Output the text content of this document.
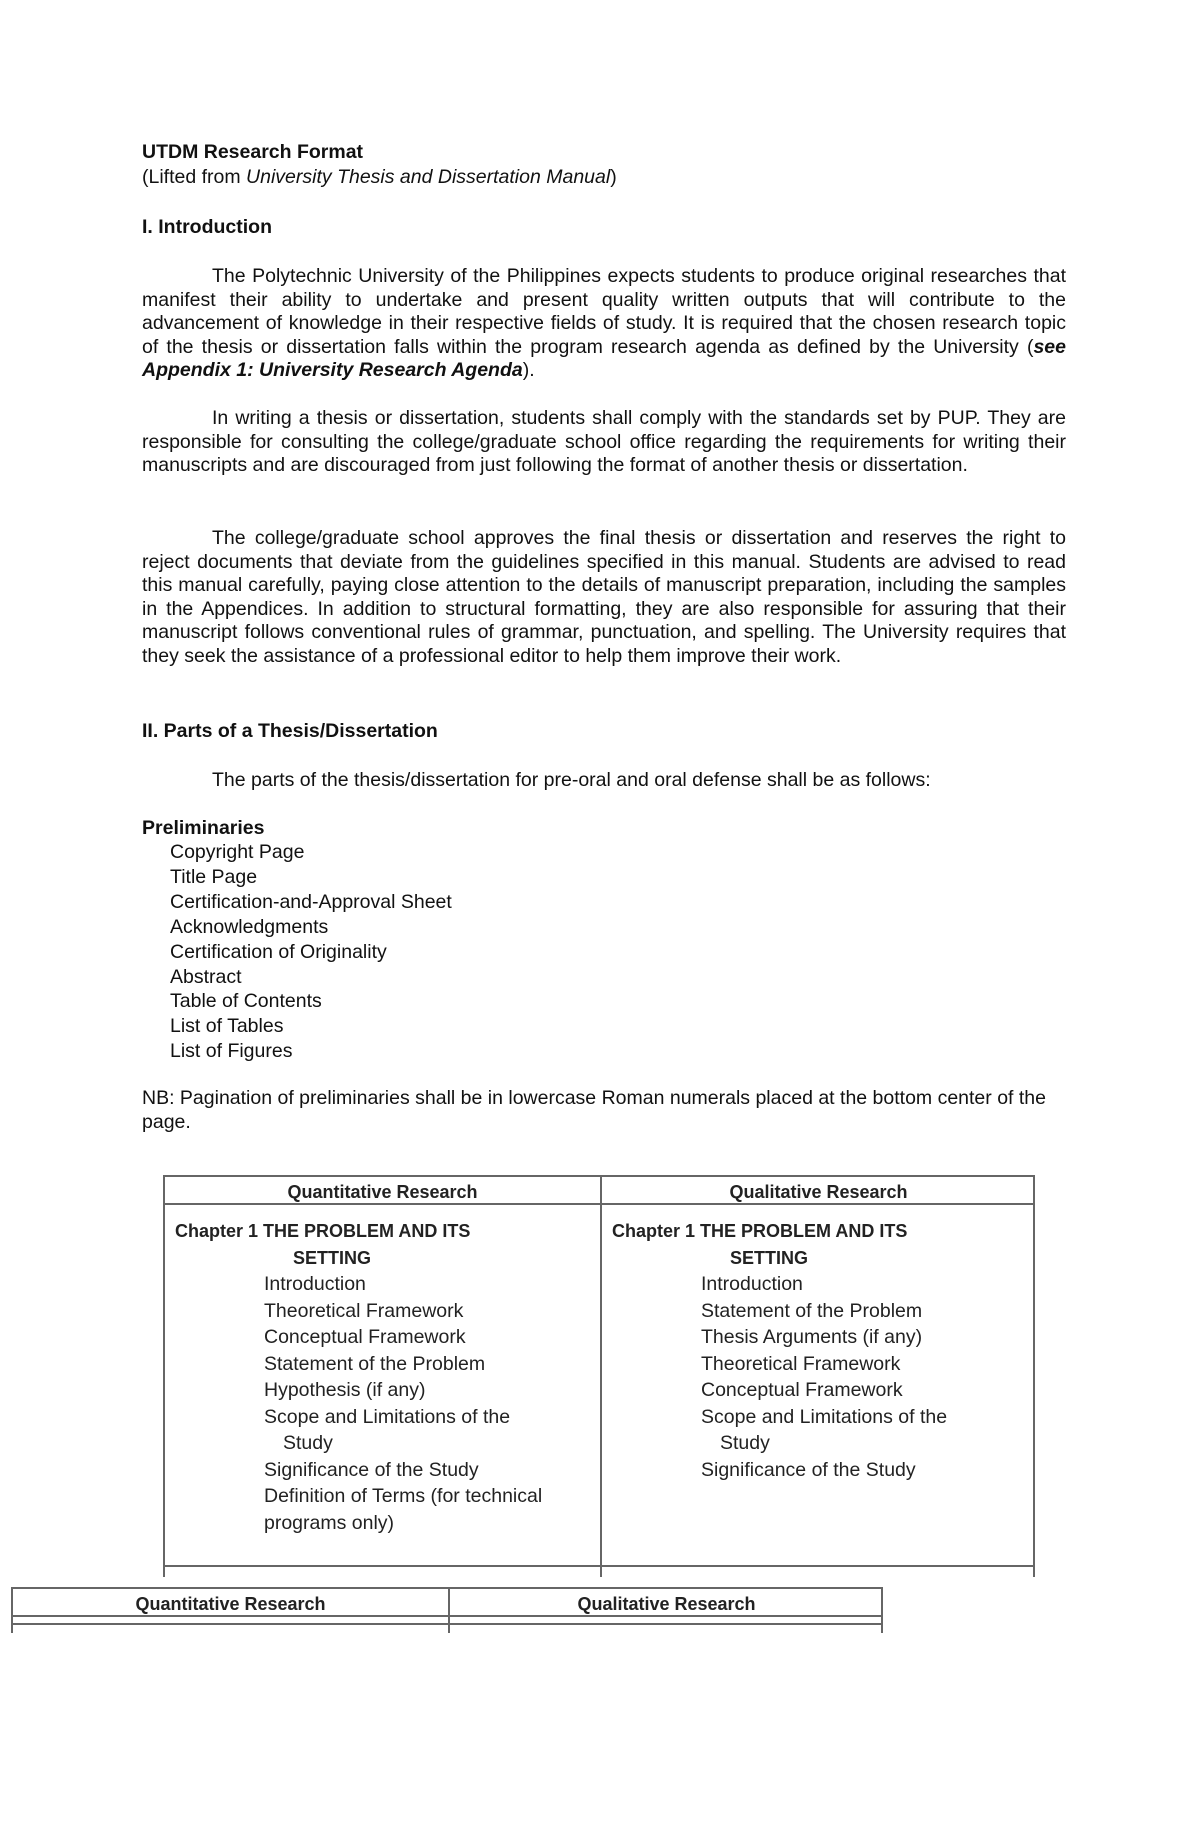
UTDM Research Format

(Lifted from University Thesis and Dissertation Manual)

I. Introduction

The Polytechnic University of the Philippines expects students to produce original researches that manifest their ability to undertake and present quality written outputs that will contribute to the advancement of knowledge in their respective fields of study. It is required that the chosen research topic of the thesis or dissertation falls within the program research agenda as defined by the University (see Appendix 1: University Research Agenda).

In writing a thesis or dissertation, students shall comply with the standards set by PUP. They are responsible for consulting the college/graduate school office regarding the requirements for writing their manuscripts and are discouraged from just following the format of another thesis or dissertation.

The college/graduate school approves the final thesis or dissertation and reserves the right to reject documents that deviate from the guidelines specified in this manual. Students are advised to read this manual carefully, paying close attention to the details of manuscript preparation, including the samples in the Appendices. In addition to structural formatting, they are also responsible for assuring that their manuscript follows conventional rules of grammar, punctuation, and spelling. The University requires that they seek the assistance of a professional editor to help them improve their work.

II. Parts of a Thesis/Dissertation

The parts of the thesis/dissertation for pre-oral and oral defense shall be as follows:

Preliminaries

Copyright Page
Title Page
Certification-and-Approval Sheet
Acknowledgments
Certification of Originality
Abstract
Table of Contents
List of Tables
List of Figures

NB: Pagination of preliminaries shall be in lowercase Roman numerals placed at the bottom center of the page.

Quantitative Research
Chapter 1 THE PROBLEM AND ITS
SETTING
Introduction
Theoretical Framework
Conceptual Framework
Statement of the Problem
Hypothesis (if any)
Scope and Limitations of the
Study
Significance of the Study
Definition of Terms (for technical
programs only)
Qualitative Research
Chapter 1 THE PROBLEM AND ITS
SETTING
Introduction
Statement of the Problem
Thesis Arguments (if any)
Theoretical Framework
Conceptual Framework
Scope and Limitations of the
Study
Significance of the Study
Quantitative Research	Qualitative Research
